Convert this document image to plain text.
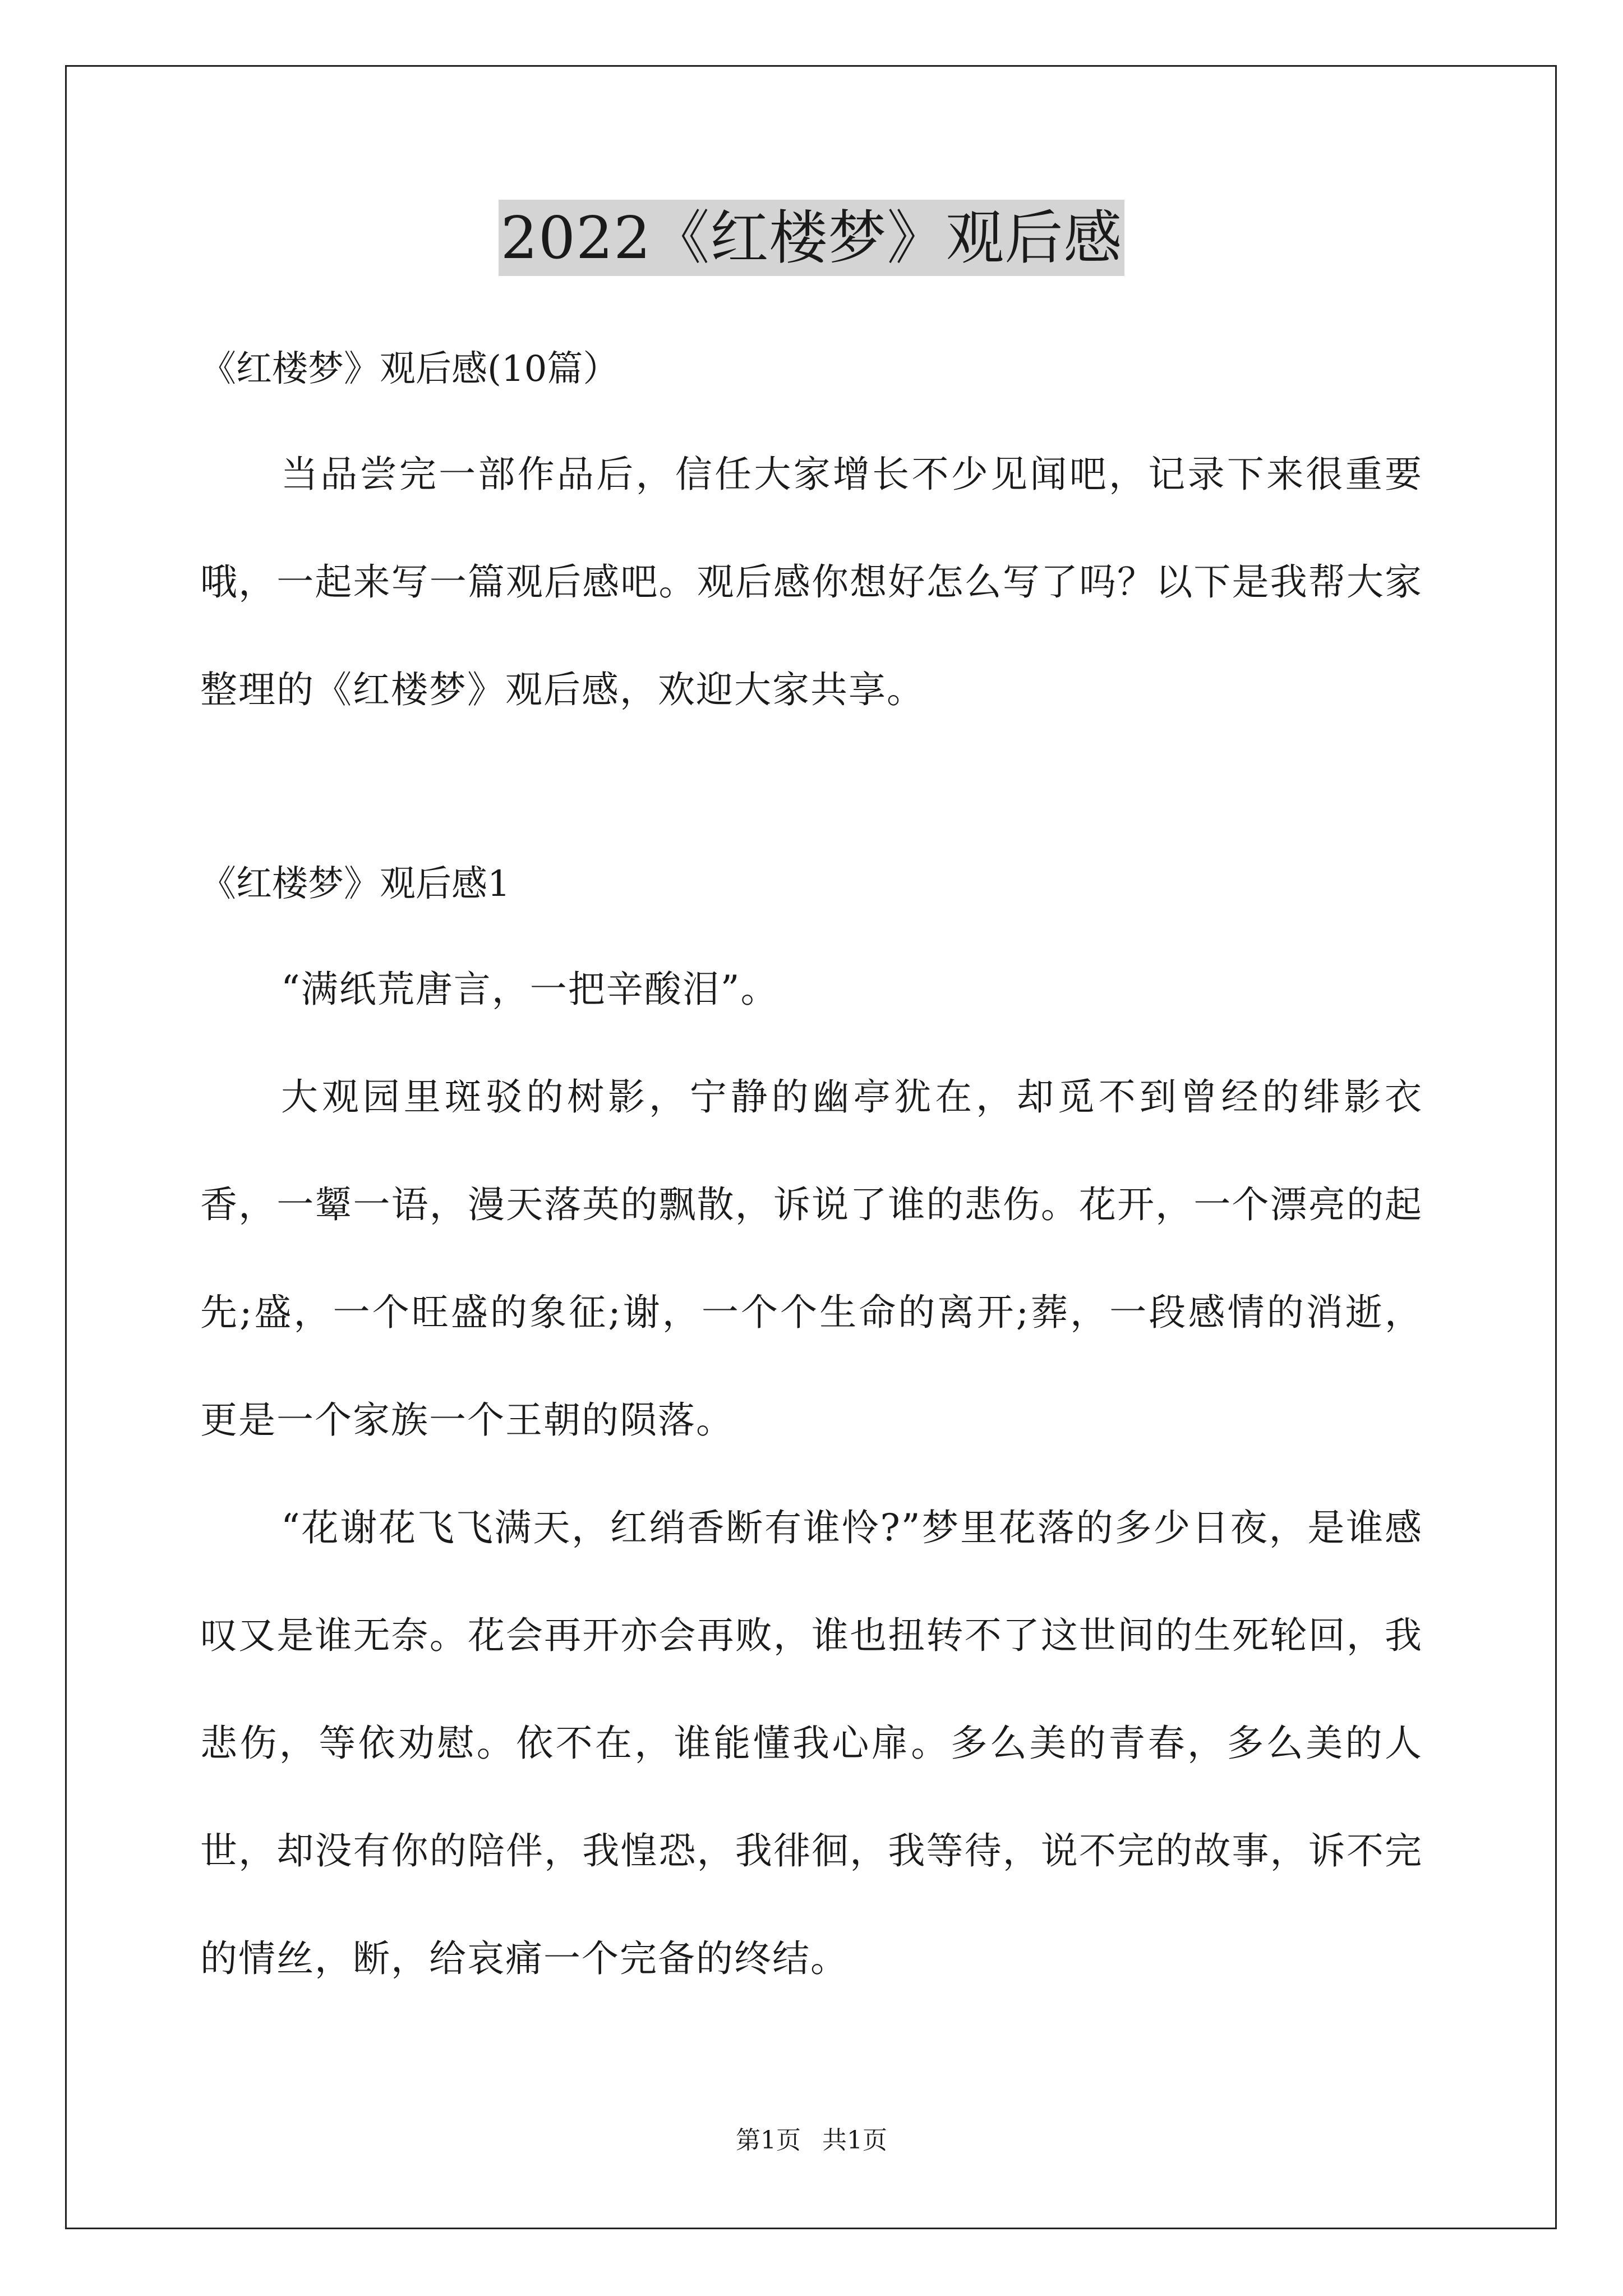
2022《红楼梦》观后感

《红楼梦》观后感(10篇）

当品尝完一部作品后，信任大家增长不少见闻吧，记录下来很重要哦，一起来写一篇观后感吧。观后感你想好怎么写了吗？以下是我帮大家整理的《红楼梦》观后感，欢迎大家共享。

《红楼梦》观后感1

“满纸荒唐言，一把辛酸泪”。

大观园里斑驳的树影，宁静的幽亭犹在，却觅不到曾经的绯影衣香，一颦一语，漫天落英的飘散，诉说了谁的悲伤。花开，一个漂亮的起先;盛，一个旺盛的象征;谢，一个个生命的离开;葬，一段感情的消逝，更是一个家族一个王朝的陨落。

“花谢花飞飞满天，红绡香断有谁怜?”梦里花落的多少日夜，是谁感叹又是谁无奈。花会再开亦会再败，谁也扭转不了这世间的生死轮回，我悲伤，等依劝慰。依不在，谁能懂我心扉。多么美的青春，多么美的人世，却没有你的陪伴，我惶恐，我徘徊，我等待，说不完的故事，诉不完的情丝，断，给哀痛一个完备的终结。

第1页 共1页
